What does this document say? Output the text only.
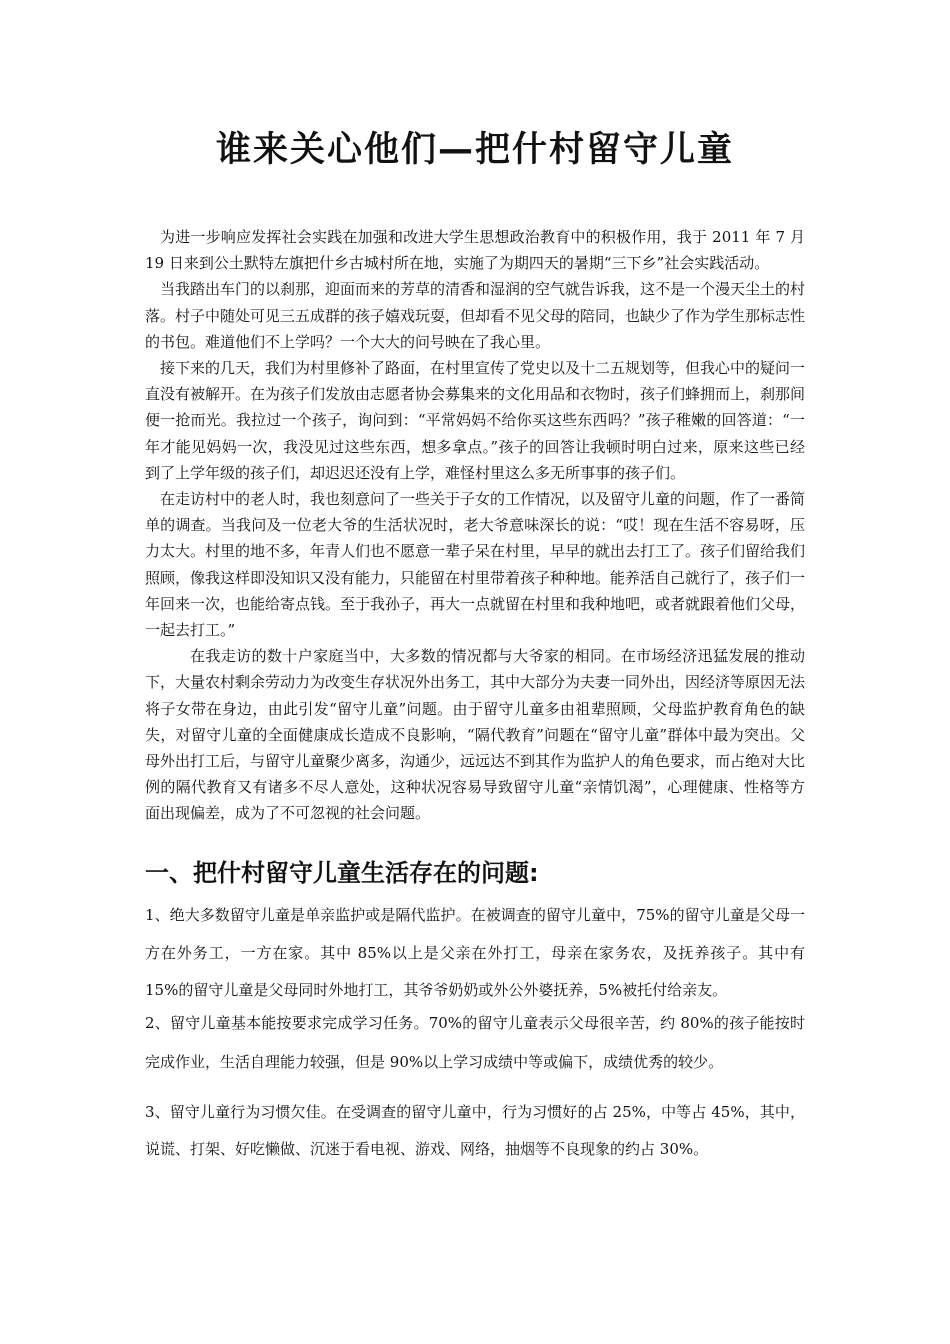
谁来关心他们—把什村留守儿童

为进一步响应发挥社会实践在加强和改进大学生思想政治教育中的积极作用，我于 2011 年 7 月 19 日来到公土默特左旗把什乡古城村所在地，实施了为期四天的暑期“三下乡”社会实践活动。

当我踏出车门的以刹那，迎面而来的芳草的清香和湿润的空气就告诉我，这不是一个漫天尘土的村落。村子中随处可见三五成群的孩子嬉戏玩耍，但却看不见父母的陪同，也缺少了作为学生那标志性的书包。难道他们不上学吗？一个大大的问号映在了我心里。

接下来的几天，我们为村里修补了路面，在村里宣传了党史以及十二五规划等，但我心中的疑问一直没有被解开。在为孩子们发放由志愿者协会募集来的文化用品和衣物时，孩子们蜂拥而上，刹那间便一抢而光。我拉过一个孩子，询问到：“平常妈妈不给你买这些东西吗？”孩子稚嫩的回答道：“一年才能见妈妈一次，我没见过这些东西，想多拿点。”孩子的回答让我顿时明白过来，原来这些已经到了上学年级的孩子们，却迟迟还没有上学，难怪村里这么多无所事事的孩子们。

在走访村中的老人时，我也刻意问了一些关于子女的工作情况，以及留守儿童的问题，作了一番简单的调查。当我问及一位老大爷的生活状况时，老大爷意味深长的说：“哎！现在生活不容易呀，压力太大。村里的地不多，年青人们也不愿意一辈子呆在村里，早早的就出去打工了。孩子们留给我们照顾，像我这样即没知识又没有能力，只能留在村里带着孩子种种地。能养活自己就行了，孩子们一年回来一次，也能给寄点钱。至于我孙子，再大一点就留在村里和我种地吧，或者就跟着他们父母，一起去打工。”

在我走访的数十户家庭当中，大多数的情况都与大爷家的相同。在市场经济迅猛发展的推动下，大量农村剩余劳动力为改变生存状况外出务工，其中大部分为夫妻一同外出，因经济等原因无法将子女带在身边，由此引发“留守儿童”问题。由于留守儿童多由祖辈照顾，父母监护教育角色的缺失，对留守儿童的全面健康成长造成不良影响，“隔代教育”问题在“留守儿童”群体中最为突出。父母外出打工后，与留守儿童聚少离多，沟通少，远远达不到其作为监护人的角色要求，而占绝对大比例的隔代教育又有诸多不尽人意处，这种状况容易导致留守儿童“亲情饥渴”，心理健康、性格等方面出现偏差，成为了不可忽视的社会问题。

一、把什村留守儿童生活存在的问题:

1、绝大多数留守儿童是单亲监护或是隔代监护。在被调查的留守儿童中，75%的留守儿童是父母一方在外务工，一方在家。其中 85%以上是父亲在外打工，母亲在家务农，及抚养孩子。其中有 15%的留守儿童是父母同时外地打工，其爷爷奶奶或外公外婆抚养，5%被托付给亲友。

2、留守儿童基本能按要求完成学习任务。70%的留守儿童表示父母很辛苦，约 80%的孩子能按时完成作业，生活自理能力较强，但是 90%以上学习成绩中等或偏下，成绩优秀的较少。

3、留守儿童行为习惯欠佳。在受调查的留守儿童中，行为习惯好的占 25%，中等占 45%，其中，说谎、打架、好吃懒做、沉迷于看电视、游戏、网络，抽烟等不良现象的约占 30%。
